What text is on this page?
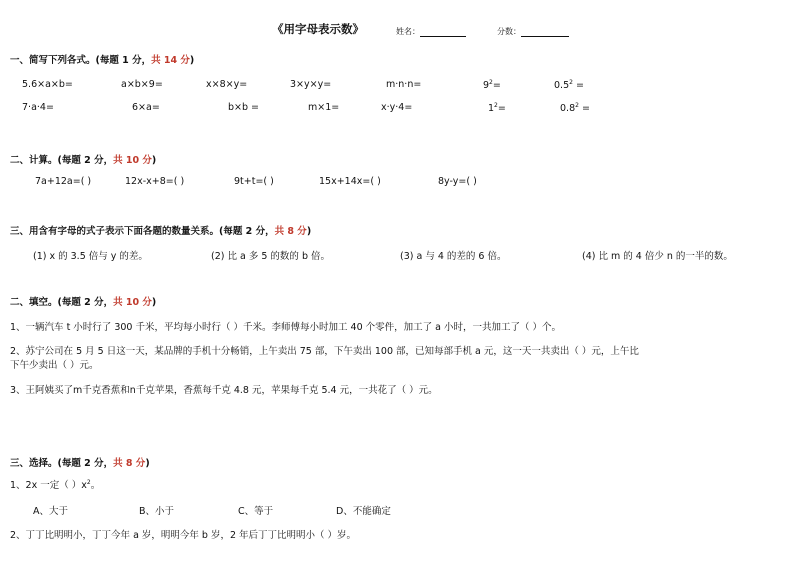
《用字母表示数》	姓名：	分数：
一、简写下列各式。(每题 1 分，共 14 分)
5.6×a×b=	a×b×9=	x×8×y=	3×y×y=	m·n·n=	$9^2=$	$0.5^2$ =
7·a·4=	6×a=	b×b =	m×1=	x·y·4=	$1^2=$	$0.8^2$ =
二、计算。(每题 2 分，共 10 分)
7a+12a=( )	12x-x+8=( )	9t+t=( )	15x+14x=( )	8y-y=( )
三、用含有字母的式子表示下面各题的数量关系。(每题 2 分，共 8 分)
(1) x 的 3.5 倍与 y 的差。	(2) 比 a 多 5 的数的 b 倍。	(3) a 与 4 的差的 6 倍。	(4) 比 m 的 4 倍少 n 的一半的数。
二、填空。(每题 2 分，共 10 分)
1、一辆汽车 t 小时行了 300 千米，平均每小时行（ ）千米。李师傅每小时加工 40 个零件，加工了 a 小时，一共加工了（ ）个。
2、苏宁公司在 5 月 5 日这一天，某品牌的手机十分畅销，上午卖出 75 部，下午卖出 100 部，已知每部手机 a 元，这一天一共卖出（ ）元，上午比
下午少卖出（ ）元。
3、王阿姨买了m千克香蕉和n千克苹果，香蕉每千克 4.8 元，苹果每千克 5.4 元，一共花了（ ）元。
三、选择。(每题 2 分，共 8 分)
1、2x 一定（ ）$x^2$。
A、大于	B、小于	C、等于	D、不能确定
2、丁丁比明明小，丁丁今年 a 岁，明明今年 b 岁，2 年后丁丁比明明小（ ）岁。
